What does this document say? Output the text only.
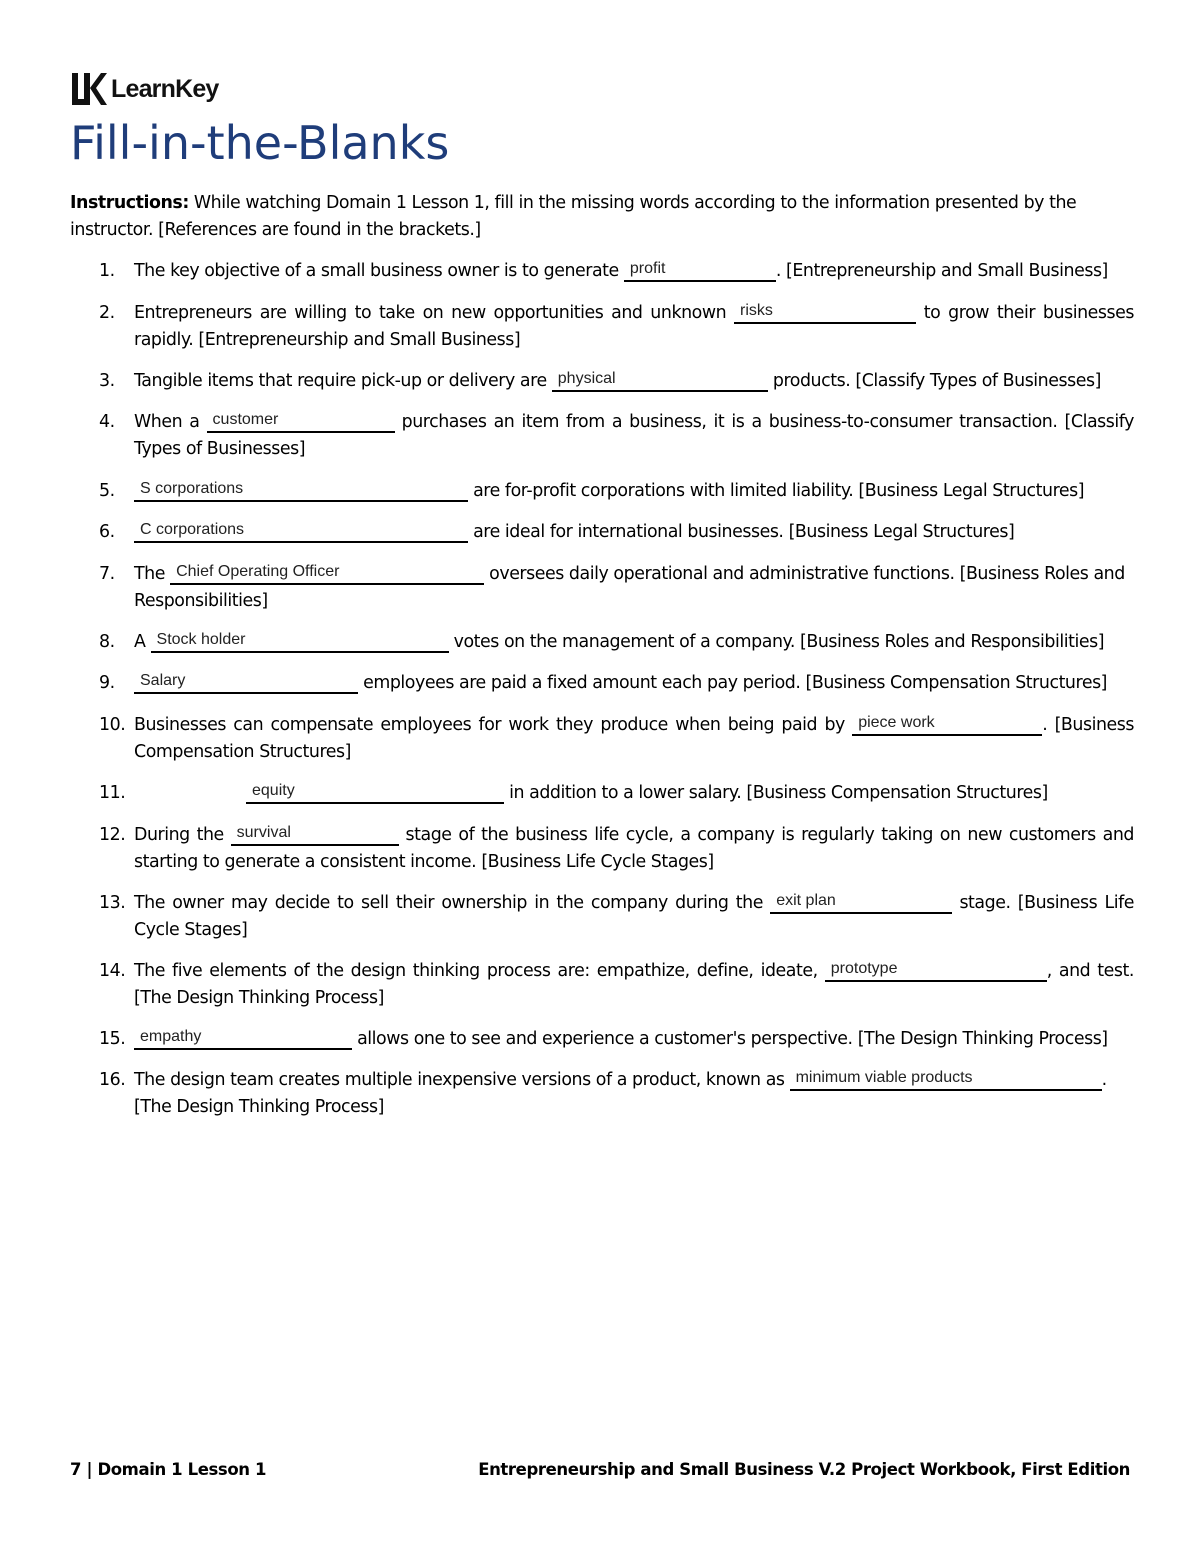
LearnKey
Fill-in-the-Blanks

Instructions: While watching Domain 1 Lesson 1, fill in the missing words according to the information presented by the instructor. [References are found in the brackets.]

1.	The key objective of a small business owner is to generate profit	. [Entrepreneurship and Small Business]
2.	Entrepreneurs are willing to take on new opportunities and unknown risks	to grow their businesses rapidly. [Entrepreneurship and Small Business]
3.	Tangible items that require pick-up or delivery are physical	products. [Classify Types of Businesses]
4.	When a customer	purchases an item from a business, it is a business-to-consumer transaction. [Classify Types of Businesses]
5.	S corporations	are for-profit corporations with limited liability. [Business Legal Structures]
6.	C corporations	are ideal for international businesses. [Business Legal Structures]
7.	The Chief Operating Officer	oversees daily operational and administrative functions. [Business Roles and Responsibilities]
8.	A Stock holder	votes on the management of a company. [Business Roles and Responsibilities]
9.	Salary	employees are paid a fixed amount each pay period. [Business Compensation Structures]
10. Businesses can compensate employees for work they produce when being paid by piece work	. [Business Compensation Structures]
11.	equity	in addition to a lower salary. [Business Compensation Structures]
12. During the survival	stage of the business life cycle, a company is regularly taking on new customers and starting to generate a consistent income. [Business Life Cycle Stages]
13. The owner may decide to sell their ownership in the company during the exit plan	stage. [Business Life Cycle Stages]
14. The five elements of the design thinking process are: empathize, define, ideate, prototype	, and test. [The Design Thinking Process]
15. empathy	allows one to see and experience a customer's perspective. [The Design Thinking Process]
16. The design team creates multiple inexpensive versions of a product, known as minimum viable products	. [The Design Thinking Process]
7 | Domain 1 Lesson 1	Entrepreneurship and Small Business V.2 Project Workbook, First Edition
